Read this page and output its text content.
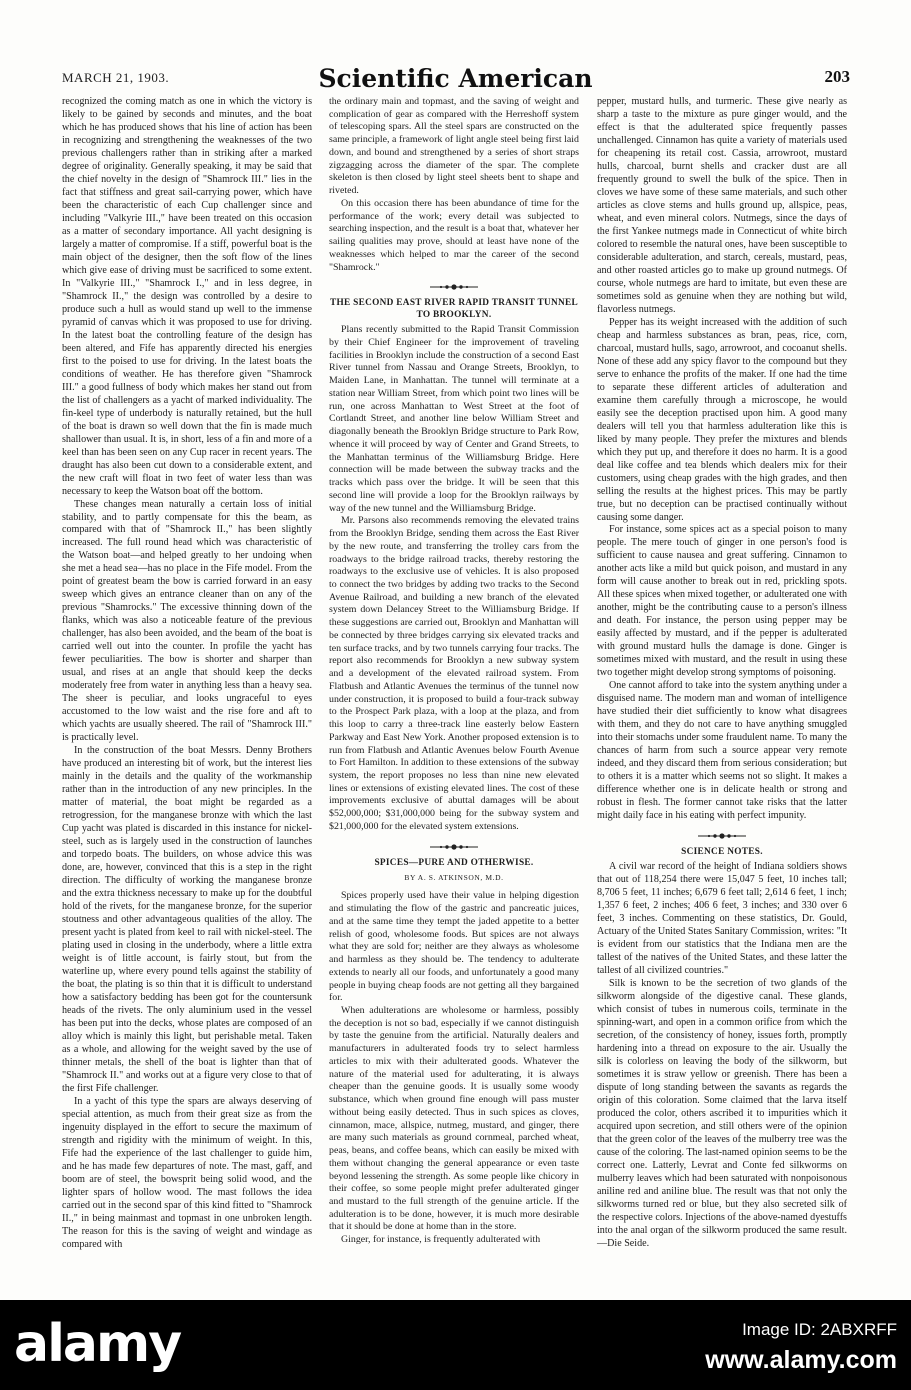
MARCH 21, 1903.	Scientific American	203

recognized the coming match as one in which the victory is likely to be gained by seconds and minutes, and the boat which he has produced shows that his line of action has been in recognizing and strengthening the weaknesses of the two previous challengers rather than in striking after a marked degree of originality. Generally speaking, it may be said that the chief novelty in the design of "Shamrock III." lies in the fact that stiffness and great sail-carrying power, which have been the characteristic of each Cup challenger since and including "Valkyrie III.," have been treated on this occasion as a matter of secondary importance. All yacht designing is largely a matter of compromise. If a stiff, powerful boat is the main object of the designer, then the soft flow of the lines which give ease of driving must be sacrificed to some extent. In "Valkyrie III.," "Shamrock I.," and in less degree, in "Shamrock II.," the design was controlled by a desire to produce such a hull as would stand up well to the immense pyramid of canvas which it was proposed to use for driving. In the latest boat the controlling feature of the design has been altered, and Fife has apparently directed his energies first to the poised to use for driving. In the latest boats the conditions of weather. He has therefore given "Shamrock III." a good fullness of body which makes her stand out from the list of challengers as a yacht of marked individuality. The fin-keel type of underbody is naturally retained, but the hull of the boat is drawn so well down that the fin is made much shallower than usual. It is, in short, less of a fin and more of a keel than has been seen on any Cup racer in recent years. The draught has also been cut down to a considerable extent, and the new craft will float in two feet of water less than was necessary to keep the Watson boat off the bottom.

These changes mean naturally a certain loss of initial stability, and to partly compensate for this the beam, as compared with that of "Shamrock II.," has been slightly increased. The full round head which was characteristic of the Watson boat—and helped greatly to her undoing when she met a head sea—has no place in the Fife model. From the point of greatest beam the bow is carried forward in an easy sweep which gives an entrance cleaner than on any of the previous "Shamrocks." The excessive thinning down of the flanks, which was also a noticeable feature of the previous challenger, has also been avoided, and the beam of the boat is carried well out into the counter. In profile the yacht has fewer peculiarities. The bow is shorter and sharper than usual, and rises at an angle that should keep the decks moderately free from water in anything less than a heavy sea. The sheer is peculiar, and looks ungraceful to eyes accustomed to the low waist and the rise fore and aft to which yachts are usually sheered. The rail of "Shamrock III." is practically level.

In the construction of the boat Messrs. Denny Brothers have produced an interesting bit of work, but the interest lies mainly in the details and the quality of the workmanship rather than in the introduction of any new principles. In the matter of material, the boat might be regarded as a retrogression, for the manganese bronze with which the last Cup yacht was plated is discarded in this instance for nickel-steel, such as is largely used in the construction of launches and torpedo boats. The builders, on whose advice this was done, are, however, convinced that this is a step in the right direction. The difficulty of working the manganese bronze and the extra thickness necessary to make up for the doubtful hold of the rivets, for the manganese bronze, for the superior stoutness and other advantageous qualities of the alloy. The present yacht is plated from keel to rail with nickel-steel. The plating used in closing in the underbody, where a little extra weight is of little account, is fairly stout, but from the waterline up, where every pound tells against the stability of the boat, the plating is so thin that it is difficult to understand how a satisfactory bedding has been got for the countersunk heads of the rivets. The only aluminium used in the vessel has been put into the decks, whose plates are composed of an alloy which is mainly this light, but perishable metal. Taken as a whole, and allowing for the weight saved by the use of thinner metals, the shell of the boat is lighter than that of "Shamrock II." and works out at a figure very close to that of the first Fife challenger.

In a yacht of this type the spars are always deserving of special attention, as much from their great size as from the ingenuity displayed in the effort to secure the maximum of strength and rigidity with the minimum of weight. In this, Fife had the experience of the last challenger to guide him, and he has made few departures of note. The mast, gaff, and boom are of steel, the bowsprit being solid wood, and the lighter spars of hollow wood. The mast follows the idea carried out in the second spar of this kind fitted to "Shamrock II.," in being mainmast and topmast in one unbroken length. The reason for this is the saving of weight and windage as compared with

the ordinary main and topmast, and the saving of weight and complication of gear as compared with the Herreshoff system of telescoping spars. All the steel spars are constructed on the same principle, a framework of light angle steel being first laid down, and bound and strengthened by a series of short straps zigzagging across the diameter of the spar. The complete skeleton is then closed by light steel sheets bent to shape and riveted.

On this occasion there has been abundance of time for the performance of the work; every detail was subjected to searching inspection, and the result is a boat that, whatever her sailing qualities may prove, should at least have none of the weaknesses which helped to mar the career of the second "Shamrock."

THE SECOND EAST RIVER RAPID TRANSIT TUNNEL TO BROOKLYN.

Plans recently submitted to the Rapid Transit Commission by their Chief Engineer for the improvement of traveling facilities in Brooklyn include the construction of a second East River tunnel from Nassau and Orange Streets, Brooklyn, to Maiden Lane, in Manhattan. The tunnel will terminate at a station near William Street, from which point two lines will be run, one across Manhattan to West Street at the foot of Cortlandt Street, and another line below William Street and diagonally beneath the Brooklyn Bridge structure to Park Row, whence it will proceed by way of Center and Grand Streets, to the Manhattan terminus of the Williamsburg Bridge. Here connection will be made between the subway tracks and the tracks which pass over the bridge. It will be seen that this second line will provide a loop for the Brooklyn railways by way of the new tunnel and the Williamsburg Bridge.

Mr. Parsons also recommends removing the elevated trains from the Brooklyn Bridge, sending them across the East River by the new route, and transferring the trolley cars from the roadways to the bridge railroad tracks, thereby restoring the roadways to the exclusive use of vehicles. It is also proposed to connect the two bridges by adding two tracks to the Second Avenue Railroad, and building a new branch of the elevated system down Delancey Street to the Williamsburg Bridge. If these suggestions are carried out, Brooklyn and Manhattan will be connected by three bridges carrying six elevated tracks and ten surface tracks, and by two tunnels carrying four tracks. The report also recommends for Brooklyn a new subway system and a development of the elevated railroad system. From Flatbush and Atlantic Avenues the terminus of the tunnel now under construction, it is proposed to build a four-track subway to the Prospect Park plaza, with a loop at the plaza, and from this loop to carry a three-track line easterly below Eastern Parkway and East New York. Another proposed extension is to run from Flatbush and Atlantic Avenues below Fourth Avenue to Fort Hamilton. In addition to these extensions of the subway system, the report proposes no less than nine new elevated lines or extensions of existing elevated lines. The cost of these improvements exclusive of abuttal damages will be about $52,000,000; $31,000,000 being for the subway system and $21,000,000 for the elevated system extensions.

SPICES—PURE AND OTHERWISE.
BY A. S. ATKINSON, M.D.

Spices properly used have their value in helping digestion and stimulating the flow of the gastric and pancreatic juices, and at the same time they tempt the jaded appetite to a better relish of good, wholesome foods. But spices are not always what they are sold for; neither are they always as wholesome and harmless as they should be. The tendency to adulterate extends to nearly all our foods, and unfortunately a good many people in buying cheap foods are not getting all they bargained for.

When adulterations are wholesome or harmless, possibly the deception is not so bad, especially if we cannot distinguish by taste the genuine from the artificial. Naturally dealers and manufacturers in adulterated foods try to select harmless articles to mix with their adulterated goods. Whatever the nature of the material used for adulterating, it is always cheaper than the genuine goods. It is usually some woody substance, which when ground fine enough will pass muster without being easily detected. Thus in such spices as cloves, cinnamon, mace, allspice, nutmeg, mustard, and ginger, there are many such materials as ground cornmeal, parched wheat, peas, beans, and coffee beans, which can easily be mixed with them without changing the general appearance or even taste beyond lessening the strength. As some people like chicory in their coffee, so some people might prefer adulterated ginger and mustard to the full strength of the genuine article. If the adulteration is to be done, however, it is much more desirable that it should be done at home than in the store.

Ginger, for instance, is frequently adulterated with

pepper, mustard hulls, and turmeric. These give nearly as sharp a taste to the mixture as pure ginger would, and the effect is that the adulterated spice frequently passes unchallenged. Cinnamon has quite a variety of materials used for cheapening its retail cost. Cassia, arrowroot, mustard hulls, charcoal, burnt shells and cracker dust are all frequently ground to swell the bulk of the spice. Then in cloves we have some of these same materials, and such other articles as clove stems and hulls ground up, allspice, peas, wheat, and even mineral colors. Nutmegs, since the days of the first Yankee nutmegs made in Connecticut of white birch colored to resemble the natural ones, have been susceptible to considerable adulteration, and starch, cereals, mustard, peas, and other roasted articles go to make up ground nutmegs. Of course, whole nutmegs are hard to imitate, but even these are sometimes sold as genuine when they are nothing but wild, flavorless nutmegs.

Pepper has its weight increased with the addition of such cheap and harmless substances as bran, peas, rice, corn, charcoal, mustard hulls, sago, arrowroot, and cocoanut shells. None of these add any spicy flavor to the compound but they serve to enhance the profits of the maker. If one had the time to separate these different articles of adulteration and examine them carefully through a microscope, he would easily see the deception practised upon him. A good many dealers will tell you that harmless adulteration like this is liked by many people. They prefer the mixtures and blends which they put up, and therefore it does no harm. It is a good deal like coffee and tea blends which dealers mix for their customers, using cheap grades with the high grades, and then selling the results at the highest prices. This may be partly true, but no deception can be practised continually without causing some danger.

For instance, some spices act as a special poison to many people. The mere touch of ginger in one person's food is sufficient to cause nausea and great suffering. Cinnamon to another acts like a mild but quick poison, and mustard in any form will cause another to break out in red, prickling spots. All these spices when mixed together, or adulterated one with another, might be the contributing cause to a person's illness and death. For instance, the person using pepper may be easily affected by mustard, and if the pepper is adulterated with ground mustard hulls the damage is done. Ginger is sometimes mixed with mustard, and the result in using these two together might develop strong symptoms of poisoning.

One cannot afford to take into the system anything under a disguised name. The modern man and woman of intelligence have studied their diet sufficiently to know what disagrees with them, and they do not care to have anything smuggled into their stomachs under some fraudulent name. To many the chances of harm from such a source appear very remote indeed, and they discard them from serious consideration; but to others it is a matter which seems not so slight. It makes a difference whether one is in delicate health or strong and robust in flesh. The former cannot take risks that the latter might daily face in his eating with perfect impunity.

SCIENCE NOTES.

A civil war record of the height of Indiana soldiers shows that out of 118,254 there were 15,047 5 feet, 10 inches tall; 8,706 5 feet, 11 inches; 6,679 6 feet tall; 2,614 6 feet, 1 inch; 1,357 6 feet, 2 inches; 406 6 feet, 3 inches; and 330 over 6 feet, 3 inches. Commenting on these statistics, Dr. Gould, Actuary of the United States Sanitary Commission, writes: "It is evident from our statistics that the Indiana men are the tallest of the natives of the United States, and these latter the tallest of all civilized countries."

Silk is known to be the secretion of two glands of the silkworm alongside of the digestive canal. These glands, which consist of tubes in numerous coils, terminate in the spinning-wart, and open in a common orifice from which the secretion, of the consistency of honey, issues forth, promptly hardening into a thread on exposure to the air. Usually the silk is colorless on leaving the body of the silkworm, but sometimes it is straw yellow or greenish. There has been a dispute of long standing between the savants as regards the origin of this coloration. Some claimed that the larva itself produced the color, others ascribed it to impurities which it acquired upon secretion, and still others were of the opinion that the green color of the leaves of the mulberry tree was the cause of the coloring. The last-named opinion seems to be the correct one. Latterly, Levrat and Conte fed silkworms on mulberry leaves which had been saturated with nonpoisonous aniline red and aniline blue. The result was that not only the silkworms turned red or blue, but they also secreted silk of the respective colors. Injections of the above-named dyestuffs into the anal organ of the silkworm produced the same result.—Die Seide.

alamy	Image ID: 2ABXRFF
www.alamy.com
